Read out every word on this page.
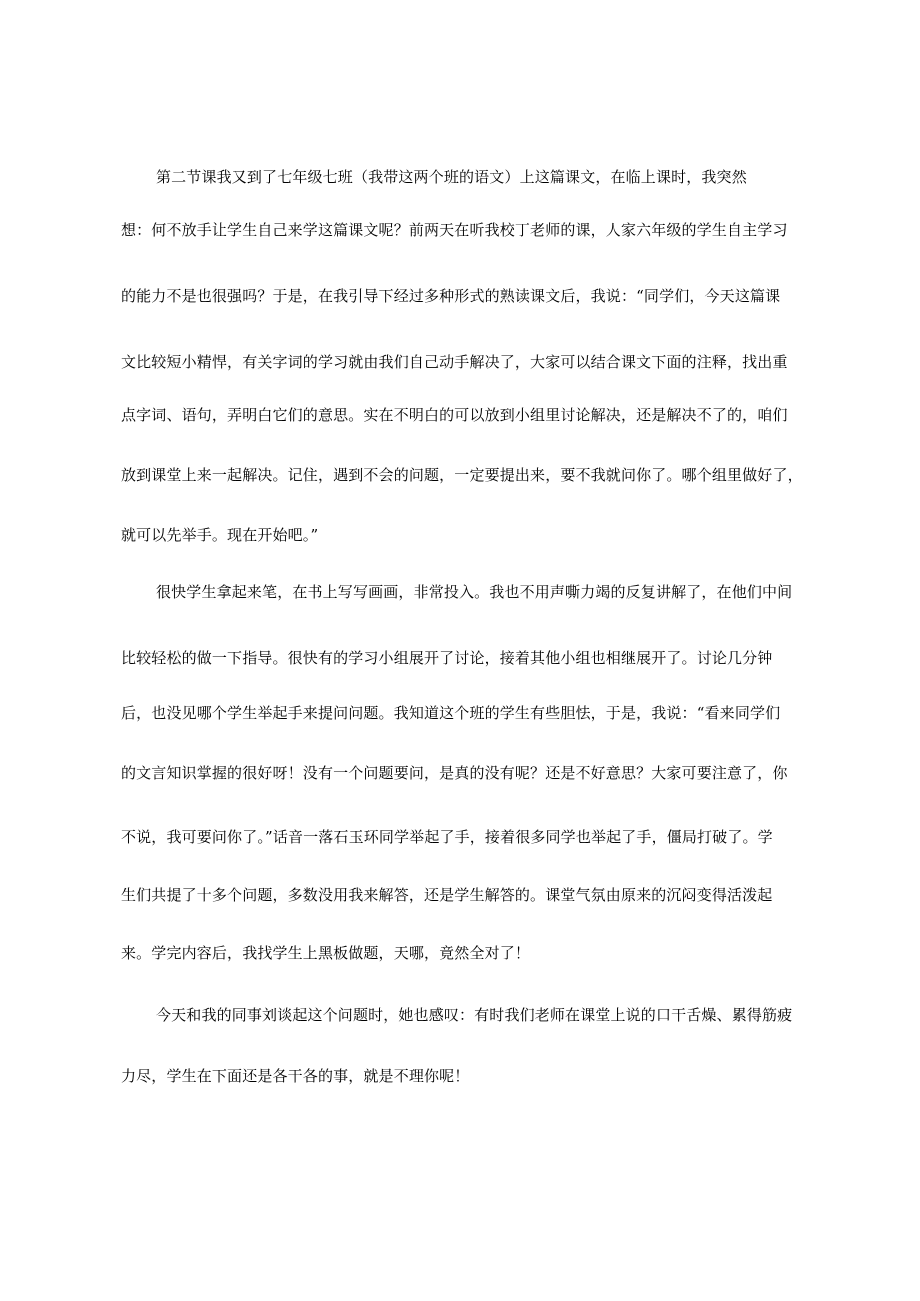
第二节课我又到了七年级七班（我带这两个班的语文）上这篇课文，在临上课时，我突然
想：何不放手让学生自己来学这篇课文呢？前两天在听我校丁老师的课，人家六年级的学生自主学习
的能力不是也很强吗？于是，在我引导下经过多种形式的熟读课文后，我说：“同学们，今天这篇课
文比较短小精悍，有关字词的学习就由我们自己动手解决了，大家可以结合课文下面的注释，找出重
点字词、语句，弄明白它们的意思。实在不明白的可以放到小组里讨论解决，还是解决不了的，咱们
放到课堂上来一起解决。记住，遇到不会的问题，一定要提出来，要不我就问你了。哪个组里做好了，
就可以先举手。现在开始吧。”
很快学生拿起来笔，在书上写写画画，非常投入。我也不用声嘶力竭的反复讲解了，在他们中间
比较轻松的做一下指导。很快有的学习小组展开了讨论，接着其他小组也相继展开了。讨论几分钟
后，也没见哪个学生举起手来提问问题。我知道这个班的学生有些胆怯，于是，我说：“看来同学们
的文言知识掌握的很好呀！没有一个问题要问，是真的没有呢？还是不好意思？大家可要注意了，你
不说，我可要问你了。”话音一落石玉环同学举起了手，接着很多同学也举起了手，僵局打破了。学
生们共提了十多个问题，多数没用我来解答，还是学生解答的。课堂气氛由原来的沉闷变得活泼起
来。学完内容后，我找学生上黑板做题，天哪，竟然全对了！
今天和我的同事刘谈起这个问题时，她也感叹：有时我们老师在课堂上说的口干舌燥、累得筋疲
力尽，学生在下面还是各干各的事，就是不理你呢！
